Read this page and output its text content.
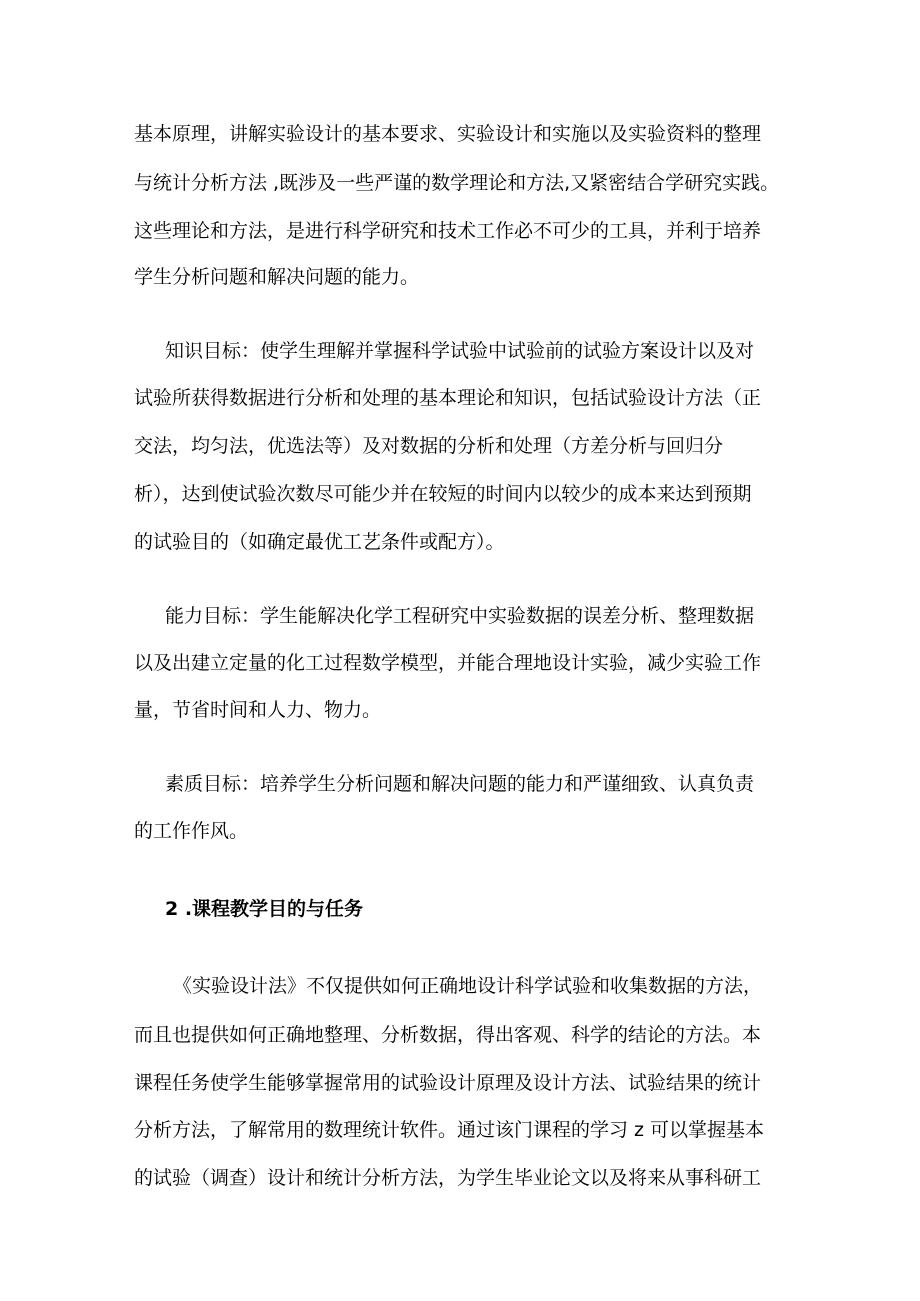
基本原理，讲解实验设计的基本要求、实验设计和实施以及实验资料的整理
与统计分析方法 ,既涉及一些严谨的数学理论和方法,又紧密结合学研究实践。
这些理论和方法，是进行科学研究和技术工作必不可少的工具，并利于培养
学生分析问题和解决问题的能力。
知识目标：使学生理解并掌握科学试验中试验前的试验方案设计以及对
试验所获得数据进行分析和处理的基本理论和知识，包括试验设计方法（正
交法，均匀法，优选法等）及对数据的分析和处理（方差分析与回归分
析），达到使试验次数尽可能少并在较短的时间内以较少的成本来达到预期
的试验目的（如确定最优工艺条件或配方）。
能力目标：学生能解决化学工程研究中实验数据的误差分析、整理数据
以及出建立定量的化工过程数学模型，并能合理地设计实验，减少实验工作
量，节省时间和人力、物力。
素质目标：培养学生分析问题和解决问题的能力和严谨细致、认真负责
的工作作风。
2 .课程教学目的与任务
《实验设计法》不仅提供如何正确地设计科学试验和收集数据的方法，
而且也提供如何正确地整理、分析数据，得出客观、科学的结论的方法。本
课程任务使学生能够掌握常用的试验设计原理及设计方法、试验结果的统计
分析方法，了解常用的数理统计软件。通过该门课程的学习 z 可以掌握基本
的试验（调查）设计和统计分析方法，为学生毕业论文以及将来从事科研工
